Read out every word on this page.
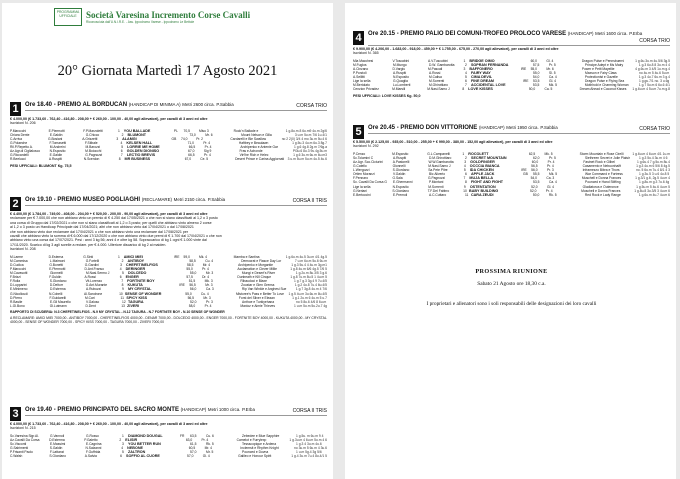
PROGRAMMA UFFICIALE	Società Varesina Incremento Corse Cavalli
Riconosciuta dall'U.N.I.R.E. - Ass. Ippodromo Varese - Ippodromo Le Bettole
20° Giornata Martedì 17 Agosto 2021
1	Ore 18.40 - PREMIO AL BORDUCAN (HANDICAP DI MINIMA A) Metri 2600 circa. P.Sabbia	CORSA TRIO
€ 4.000,00 (€ 1.733,60 - 762,40 - 416,80 - 208,00 + € 260,00 - 100,00 - 40,00 agli allevatori), per cavalli di 3 anni ed oltre
Iscrizioni N. 206
P.Marocchi	E.Piermotti	F.P.Marzoletti	1	YOU BALLADE	PL	70,5	Misu 3	Rock'n Ballade e	1 g.8u.m 8 6u.m9 4u.m 2g/6
Chiara Dente	E.Galdin	G.Chicco	2	BLUMONT	73,0	Mr. 6	Mount Nelson e Gilla	3 u.m 5u.m 7/6 1u.4/1
C.Arriva	G.Bosiani	A.Grizzetti	3	ALAMGI	GB	74,0	Pr. 2	Cardarelli e Ble Swallow	no 2 2(0) 3/4 4 mo 3u.m 5u.4 6
G.Polaeche	F.Tomasetti	F.Stibale	4	KELSEN HALL	71,0	Pr. 4	Haftbey e Beaulawn	1 g.5u.3 4u.m 6u.3 8g.7
Ril.P.Repetto A.	M.Andreini	M.Barozzi	5	LORRIE ME HOME	66,5	Pr. 4	Archipenko e Antenie Gar	1 g.6 4g.8 2g.m 7/6g.a
Az.Agr.di Ciglialosco	N.Esposito	M.Boiocchi	6	GOLDEN DIONISO	67,0	Sig 9	Fras e Achonde	Pl3u.6 8u.3 9u.4g.5u.m
G.Riccardelli	E.Galdin	G.Pagnozzi	7	LECTIO BREVIS	66,5	Pr. 4	Virt'he Rich e Helec	1 g.6 3u.m 6u.m 6u.m3
R.Beelucci	A.Ruspiti	N.Scerdon	8	MR BUSINESS	67,0	Ce. 5	Desert Prince e Carina Aggiornati	3 u.m 5u.m 5u.m 4u.5 4u.6
PESI UFFICIALI: BLUMONT Kg. 75,5
2	Ore 19.10 - PREMIO MUSEO POGLIAGHI (RECLAMARE) Metri 2150 circa. P.Sabbia	CORSA II TRIS
€ 4.400,00 (€ 1.784,00 - 749,00 - 408,00 - 204,00 + € 520,00 - 200,00 - 90,00 agli allevatori), per cavalli di 3 anni ed oltre
reclamare per € 7.000,00 che non abbiano vinto un premio di € 4.250 dal 17/05/2021 o che non si siano classificati al 1,2 o 3 posto
una corsa di Gruppo dal 17/02/2021 o che non si siano classificati al 1,2 o 3 posto; per quelli che abbiano vinto almeno 2 corse
al 1,2 o 3 posto un Handicap Principale dal 17/04/2021; altri che non abbiano vinto dal 17/04/2021 o dal 17/08/2021
che non abbiano vinto due reclamare dal 17/04/2021 o che non abbiano vinto una reclamare dal 17/08/2021 per
cavalli che abbiano vinto la somma di € 6.000 dal 17/12/2020 o che non abbiano vinto due premi di € 1.700 dal 17/04/2021 o che non
abbiano vinto una corsa dal 17/07/2021. Pesi : anni 3 kg 56; anni 4 e oltre kg 58. Sopraccarico di kg 1 ogni € 1.000 vinte dal
17/11/2020. Scarico di kg 3 agli sorelle a reclam. per € 4.000. Ulteriore discarico di kg 2 ai maiden.
Iscrizioni N. 208
M.Larme	D.Esterna	G.Sinti	1	AMICI MIEI	IRE	59,0	Mk. 4	Mamba e Santina	1 g.6u.m 4u.5 3u.m 4/1 4g.5
M.Cammisa	L.Maimoni	G.Fortelli	2	ANTIBOY	58,5	Cu. 4	Democrat e Flasce Day Lor	7 u.m 6u.m 5u.6 6u.m
D.Cudica	G.Bonetti	G.Gardini	3	CHEFETINELFIOS	58,5	Mr. 4	Archipenko e Morgantie	1 g.3 5u.4 4 4u.m 3g.m1
P.Marocchi	E.Piermotti	D.Ant.Franso	4	DERINGER	55,0	Pr. 4	Acclamation e Clever Millie	1 g.8 4u.m 6/6 4g.5 7/6 5
M.Cavasotti	Gionnelli	M.Nasi.Sermo J	5	DOLCEDO	55,0	Mr. 3	Mungi e Desert's River	1 g.2u.m 8u.3/5 3 g.6
F.Brizzi	F.Guldin	A.Rossi	6	ENGER	57,5	Dr. 4	Dunbeath e Kill Cinque	1 g.8 7u.m 8u.5 1 4u.m 5
F.Rolla	S.Giordano	Vit.Lorenzo	7	FORTNITE BOY	51,5	Mk. 3	Ribaudoci e Blaxe	1 g.7 g.3 3g.4 9 7u.4/5
D.Lupparini	D.Deltorr	G.Ant.Murante	8	KUKUTA	IRE	56,5	Mr. 3	Zoustar e Glen Grenss	1 g.2 4u.8 7u.4 6u.4/5
E.Minimeno	D.Esterma	A.Rubuzzi	9	MY CRYSTAL	56,0	Ca. 3	Rip Van Winkle e Anghesi Sue	1 g.7 3g.8 4u.m 4 7/6
G.Nicolloudi	N.Cobelli	Al.Sandrone	10 SENSE OF WONDER	55,0	Cu. 4	Mistoree's Pass e Better To Love	1 g.5 4u.m 3u.6u.m 8u.4/5
D.Pierro	F.Guidarelli	M.Cari	11 SPICY KISS	56,5	Mr. 3	Forst del Silver e Eleaan	1 g.1 2u.m 6 4u.m 5 u.7
R.Basile	E.Gil Maurello	V.Galoso	12 TAGURA	52,0	Pr. 3	Anthoe e Turkiyehana	no 5 8u.6 4/6 8 6u.m
L.Gl.Bono	Gl.Lutmann	D.Dent	13 ZIVERI	58,0	Pr. 4	Maxioz e Aimie Thieves	1 u.m 5u.m 5u.2u.7 4g
RAPPORTO DI SCUDERIA: N.3 CHEFETINELFIOS - N.9 MY CRYSTAL - N.12 TAGURA - N.7 FORTNITE BOY - N.10 SENSE OF WONDER
A RECLAMARE: AMICI MIEI 7000,00 - ANTIBOY 7000,00 - CHEFETINELFIOS 4000,00 - DENAR 7000,00 - DOLCEDO 4000,00 - ENGER 7000,00 - FORTNITE BOY 4000,00 - KUKUTA 4000,00 - MY CRYSTAL 4000,00 - SENSE OF WONDER 7000,00 - SPICY KISS 7000,00 - TAGURA 7000,00 - ZIVERI 7000,00
3	Ore 19.40 - PREMIO PRINCIPATO DEL SACRO MONTE (HANDICAP) Metri 1000 circa. P.Erba	CORSA II TRIS
€ 4.000,00 (€ 1.733,60 - 762,40 - 416,80 - 208,00 + € 260,00 - 100,00 - 40,00 agli allevatori), per cavalli di 3 anni ed oltre
Iscrizioni N. 215
Sc.Varesina Sigr.Al.	G.Vannoli	G.Rosso	1	DIAMOND DOUGAL	FR	63,5	Cu. 6	Zebedee e Blue Sapphire	1 g.5u. m 6u.m 9 4
Az.Cavalli Da Corsa	D.Esterma	P.Galetto	2	ELISIR	63,0	Pr. 4	Camelot e Furrylexp	1 g.3u.m 4 6u.m 5u.m 4 6
Sc.Visconti	E.Massimi	E.Cagnina	3	YOU BETTER RUN	61,5	Rk. 5	Tessscopique e Ardena	1 g.3 4 3u.m 4u.6
G.Salrimenti	S.Galdin	N.Salzanni	4	NEBONE	60,5	Mr. 4	Inclemsit e Rhythm Knight	no 3u.m 5 6u.m 4 3u.6
P.Frisanti Paolo	F.Lattanzi	F.Guffrida	5	ZALTRON	57,0	Mr. 5	Pounced e Dovna	1 u.m 5g.4 3g 5/6
C.Walsh	S.Giordano	A.Salvia	6	SOFFIO AL CUORE	57,0	Gl. 4	Galileo e Honour Spirit	1 g.4 3u.m 7u.4 8u.4/1 5
4	Ore 20.15 - PREMIO PALIO DEI COMUNI-TROFEO PROLOCO VARESE (HANDICAP) Metri 1600 circa. P.Erba
CORSA TRIO
€ 9.900,00 (€ 4.206,00 - 1.683,00 - 918,00 - 459,00 + € 1.755,00 - 675,00 - 270,00 agli allevatori), per cavalli di 3 anni ed oltre
Iscrizioni N. 365
Mia Macchesi	V.Toscabini	A.V.Tuscubini	1	BRIDGE OIMO	60,0	Gl. 4	Dragon Pulse e Pennsbuerni	1 g.6u.3u.m 4u.5/6 3g.5
M.Fuglos	M.Mungo	D.W. Gambarotta	2	SOPRAN FERNANDA	57,5	Pr. 5	Principe Adept e Ms Mairy	1 g.3 6u.8 8 3u.m 4 4
A.Cinzano	D.Vargiu	M.Pascali	3	BAFFONERO	IRE	55,0	Mr. 6	Power e Petit Mayellie	4 g.6u.m 3 4/5 1u.m g.4
P.Porzioli	A.Ruspiti	A.Rossi	4	FAIRY WAY	55,0	Sl. 5	Maxson e Fairy Class	no 4u.m 5 4u.6 5u.m
A.Sellitti	N.Esposito	M.Calisa	5	CIMA DEVIL	54,0	Ca. 4	Protectionist e Gazelle	1 g.3 4u.7 6u.m 3 g.4
Lige la sella	G.Quaglia	M.Sorrenti	6	FINE DREAM	IRE	53,5	Gl. 4	Dragon Pulse e Flying Sea	1 g.gu.7/1 no. 3 u.6g
M.Bertolato	Lu.Lomberti	M.Ghirottiaro	7	ACCIDENTAL LOVE	53,5	Mk. 5	Mothhold e Charming Woman	1 g.7 5u.m 6 6u.6 4/1
Cenzion Privadez	M.Marsili	M.Nasi.Samo J	8	LOVE KISSES	50,0	Ca. 5	Dream Ahead e Coconut Kisses	1 g.6u.m 4 5u.m 7u.m g.8
PESI UFFICIALI: LOVE KISSES Kg. 50,0
5	Ore 20.45 - PREMIO DON VITTORIONE (HANDICAP) Metri 1950 circa. P.Sabbia	CORSA TRIO
€ 5.500,00 (€ 2.125,00 - 935,00 - 510,00 - 255,00 + € 990,00 - 380,00 - 152,00 agli allevatori), per cavalli di 3 anni ed oltre
Iscrizioni N. 292
P.Cenzo	M.Esposito	G.L.Campanelli	1	ROCOLETT	62,5	Mk. 5	Storm Mountain e Rose Cirelli	1 g.6u.m 4 6u.m 4/1 1u.m
Sc.Tolamini C	A.Ruspiti	D.M.Ghirottiaro	2	SECRET MOUNTAIN	62,0	Pr. 5	Siethreen Secret e Jolie Plaisir	1 g.3 5u.4 3u.m 4 6
Az.Agr. Sco.Ciciurini	A.Pastorelli	W.W.Gambarotta	3	GOLDFINGER	60,0	Pr. 4	Fastnet Rock e Gilbel	1 g.6u.4 7 g.5u.m 8u.4
G.Catello	Gionnelli	M.Nasi.Samo J	4	OCCCIA BIANCA	56,5	Pr. 4	Casamento e Nebuonhaift	1 g.3 4u.m 6 5/6 8 4g.5
L.Wergozzi	S.Giordano	Sa.Pete Pitre	5	IDA CHICKEN	IRE	56,0	Pr. 3	Inframezzo Bibra e Thors	no. 5 6u.m 7u.4 8/1 4 3
Ortien Moranzi	V.Galdin	Bic Aliverio	6	APPLE JACK	GB	55,5	Mk. 5	War Command e Fortress	1 g.3u.5 3 u.6 4u.8 5
F.Pennaro	G.Sala	G.Pagnozzi	7	MUJA BELLA	54,0	Ca. 3	Muschell e Donna Frances	1 g.3/1 g.6, 2g.5 4u.m 4
Sc. Cavalli Da Corsa G	E.Ghermanni	P.Montani	8	FIGHT AND FIGHT	53,5	Ca. 4	Pounced e Hand Stifting	1 g.8u.m g.3 7u.6 4g
Lige la sella	N.Esposito	M.Sorrenti	9	OSTENTATION	52,0	Gl. 4	Gladiatorus e Outeronce	1 g.5u.m 5 4u.6 4u.m 5
G.Neriani	S.Giordano	T.F.Del Fabbro	10 BABY BUILDING	52,0	Pr. 4	Muschell e Donna Frances	1 g.8u.8 3u.3/5 3 4u.m 6
E.Bertoccini	E.Premoli	A.C.Cuttaro	11 CARA ZEUDI	50,0	Rk. 5	Red Rock e Lady Range	1 g.6u.m 4u.7 4u.m 6
PROSSIMA RIUNIONE
Sabato 21 Agosto ore 18,30 c.a.
I proprietari e allenatori sono i soli responsabili delle designazioni dei loro cavalli
